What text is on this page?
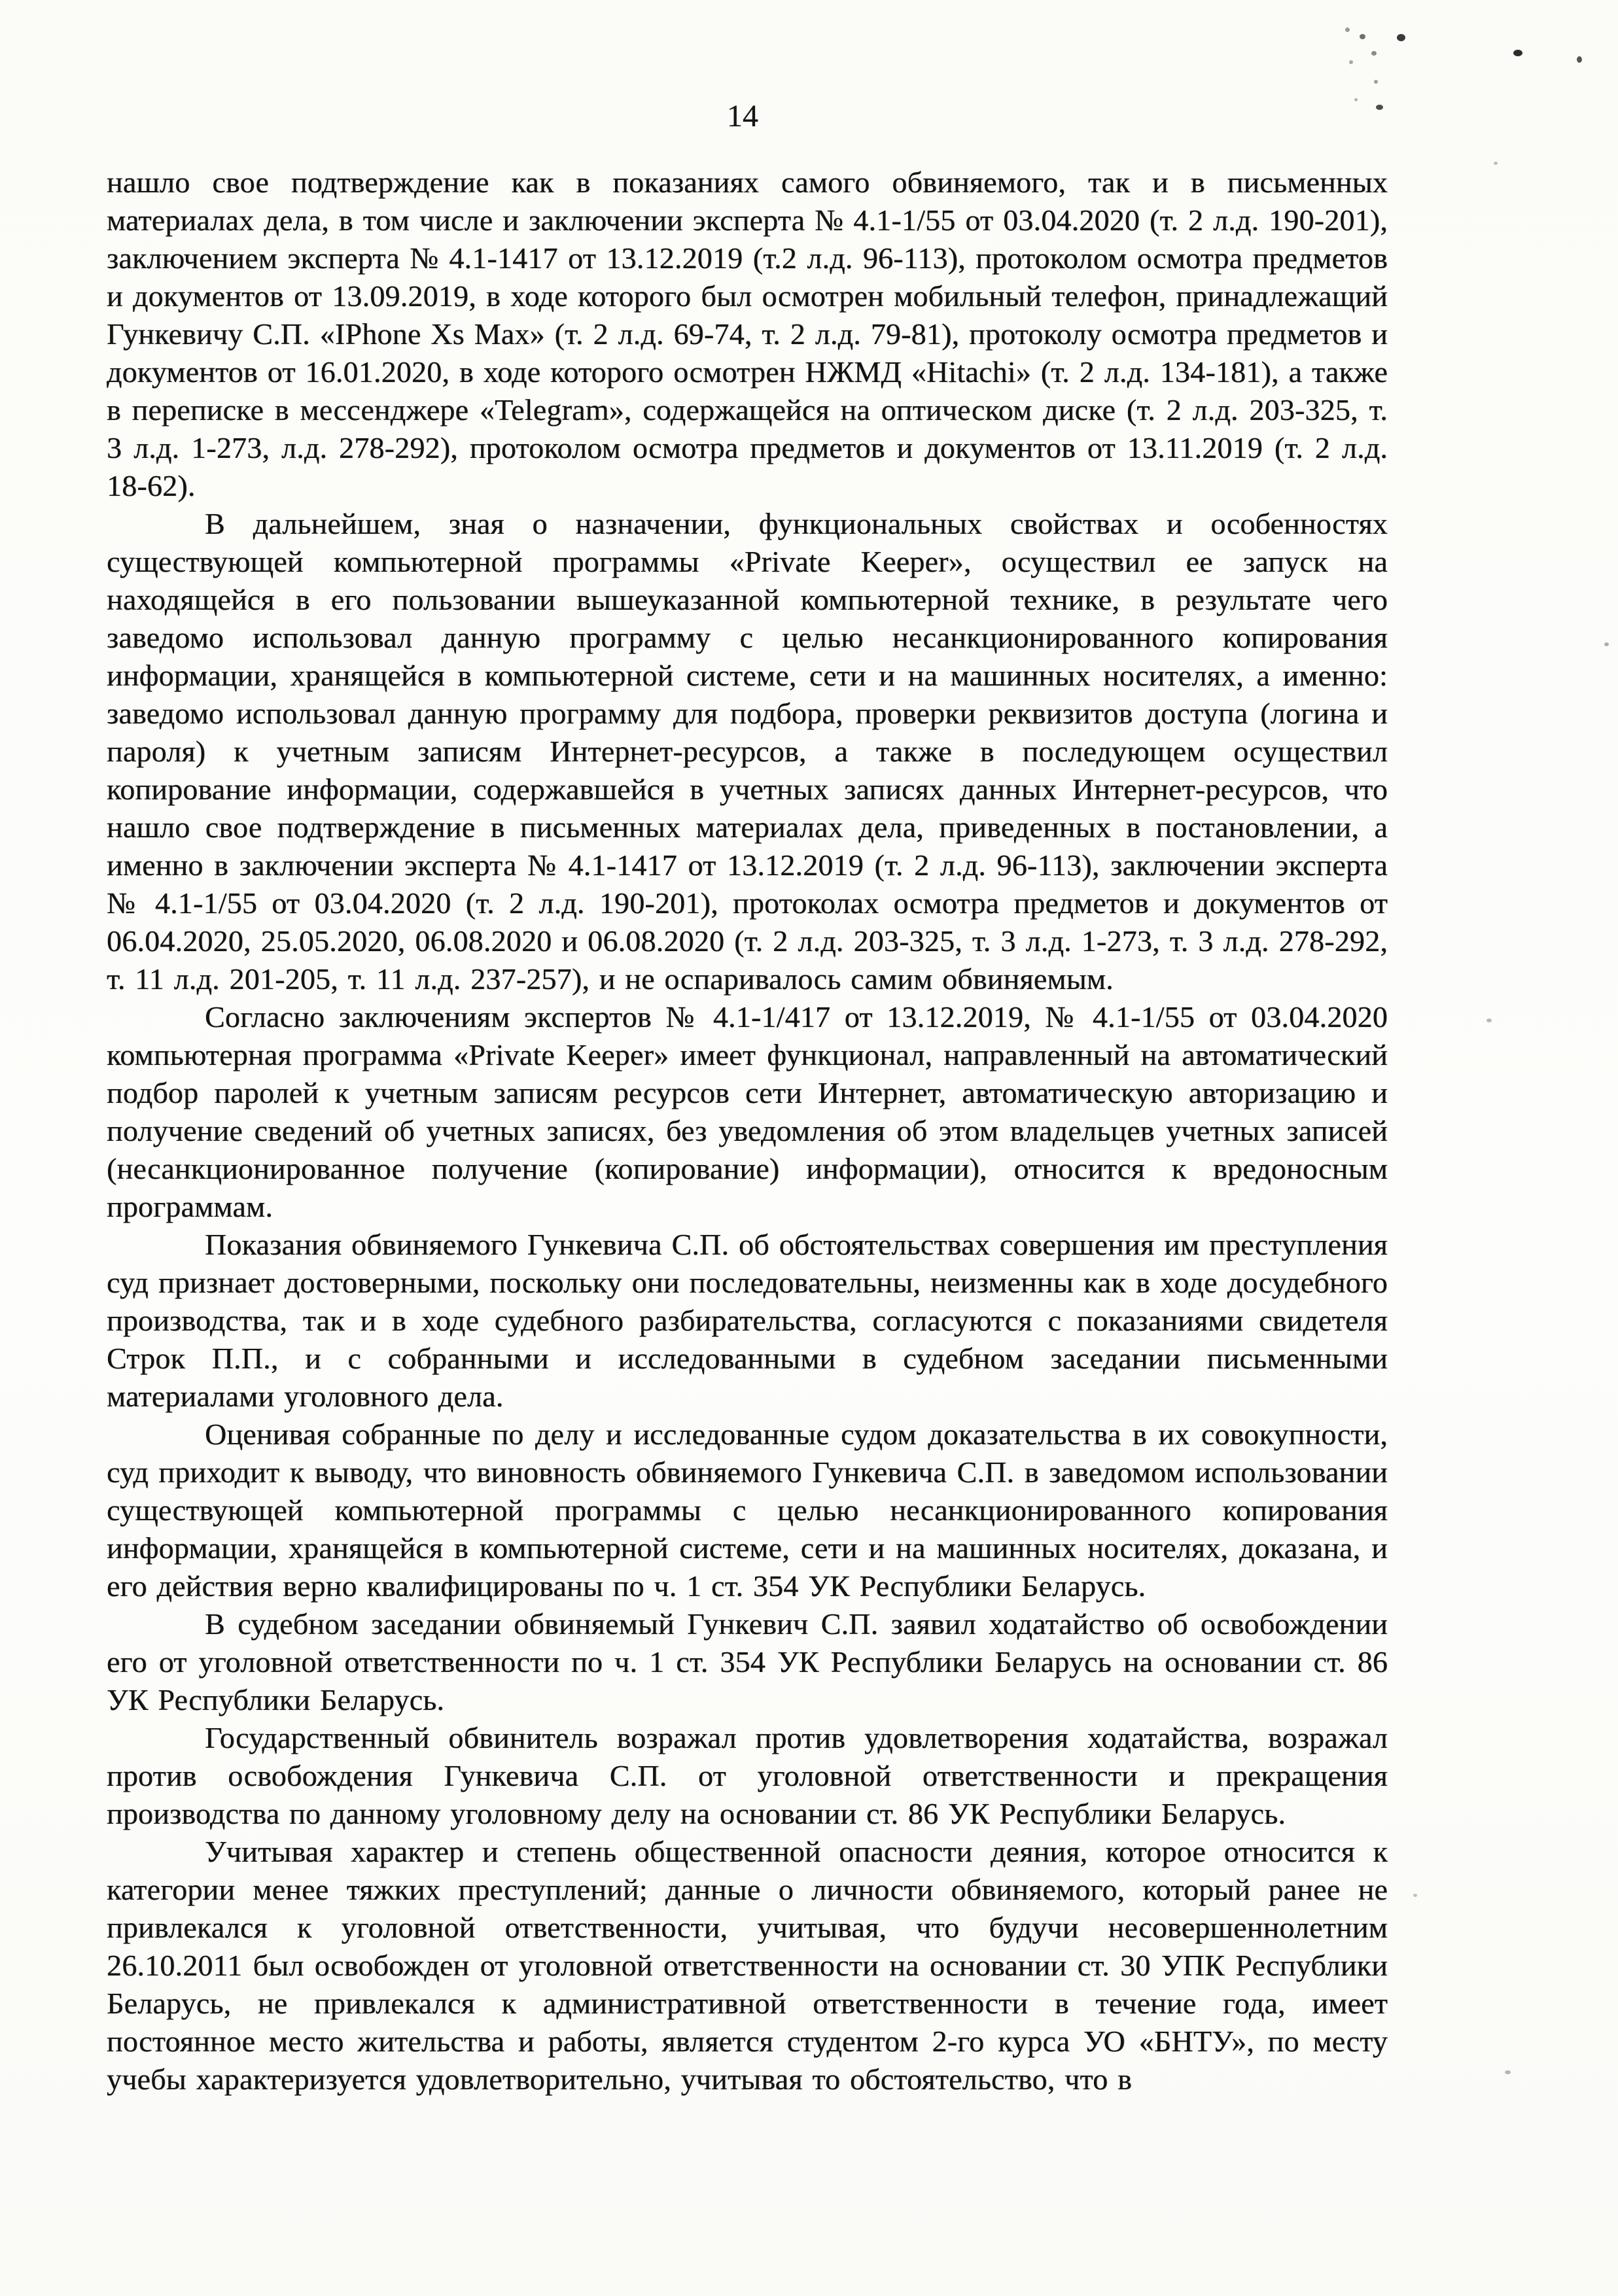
14

нашло свое подтверждение как в показаниях самого обвиняемого, так и в письменных материалах дела, в том числе и заключении эксперта № 4.1-1/55 от 03.04.2020 (т. 2 л.д. 190-201), заключением эксперта № 4.1-1417 от 13.12.2019 (т.2 л.д. 96-113), протоколом осмотра предметов и документов от 13.09.2019, в ходе которого был осмотрен мобильный телефон, принадлежащий Гункевичу С.П. «IPhone Xs Max» (т. 2 л.д. 69-74, т. 2 л.д. 79-81), протоколу осмотра предметов и документов от 16.01.2020, в ходе которого осмотрен НЖМД «Hitachi» (т. 2 л.д. 134-181), а также в переписке в мессенджере «Telegram», содержащейся на оптическом диске (т. 2 л.д. 203-325, т. 3 л.д. 1-273, л.д. 278-292), протоколом осмотра предметов и документов от 13.11.2019 (т. 2 л.д. 18-62).

В дальнейшем, зная о назначении, функциональных свойствах и особенностях существующей компьютерной программы «Private Keeper», осуществил ее запуск на находящейся в его пользовании вышеуказанной компьютерной технике, в результате чего заведомо использовал данную программу с целью несанкционированного копирования информации, хранящейся в компьютерной системе, сети и на машинных носителях, а именно: заведомо использовал данную программу для подбора, проверки реквизитов доступа (логина и пароля) к учетным записям Интернет-ресурсов, а также в последующем осуществил копирование информации, содержавшейся в учетных записях данных Интернет-ресурсов, что нашло свое подтверждение в письменных материалах дела, приведенных в постановлении, а именно в заключении эксперта № 4.1-1417 от 13.12.2019 (т. 2 л.д. 96-113), заключении эксперта № 4.1-1/55 от 03.04.2020 (т. 2 л.д. 190-201), протоколах осмотра предметов и документов от 06.04.2020, 25.05.2020, 06.08.2020 и 06.08.2020 (т. 2 л.д. 203-325, т. 3 л.д. 1-273, т. 3 л.д. 278-292, т. 11 л.д. 201-205, т. 11 л.д. 237-257), и не оспаривалось самим обвиняемым.

Согласно заключениям экспертов № 4.1-1/417 от 13.12.2019, № 4.1-1/55 от 03.04.2020 компьютерная программа «Private Keeper» имеет функционал, направленный на автоматический подбор паролей к учетным записям ресурсов сети Интернет, автоматическую авторизацию и получение сведений об учетных записях, без уведомления об этом владельцев учетных записей (несанкционированное получение (копирование) информации), относится к вредоносным программам.

Показания обвиняемого Гункевича С.П. об обстоятельствах совершения им преступления суд признает достоверными, поскольку они последовательны, неизменны как в ходе досудебного производства, так и в ходе судебного разбирательства, согласуются с показаниями свидетеля Строк П.П., и с собранными и исследованными в судебном заседании письменными материалами уголовного дела.

Оценивая собранные по делу и исследованные судом доказательства в их совокупности, суд приходит к выводу, что виновность обвиняемого Гункевича С.П. в заведомом использовании существующей компьютерной программы с целью несанкционированного копирования информации, хранящейся в компьютерной системе, сети и на машинных носителях, доказана, и его действия верно квалифицированы по ч. 1 ст. 354 УК Республики Беларусь.

В судебном заседании обвиняемый Гункевич С.П. заявил ходатайство об освобождении его от уголовной ответственности по ч. 1 ст. 354 УК Республики Беларусь на основании ст. 86 УК Республики Беларусь.

Государственный обвинитель возражал против удовлетворения ходатайства, возражал против освобождения Гункевича С.П. от уголовной ответственности и прекращения производства по данному уголовному делу на основании ст. 86 УК Республики Беларусь.

Учитывая характер и степень общественной опасности деяния, которое относится к категории менее тяжких преступлений; данные о личности обвиняемого, который ранее не привлекался к уголовной ответственности, учитывая, что будучи несовершеннолетним 26.10.2011 был освобожден от уголовной ответственности на основании ст. 30 УПК Республики Беларусь, не привлекался к административной ответственности в течение года, имеет постоянное место жительства и работы, является студентом 2-го курса УО «БНТУ», по месту учебы характеризуется удовлетворительно, учитывая то обстоятельство, что в
